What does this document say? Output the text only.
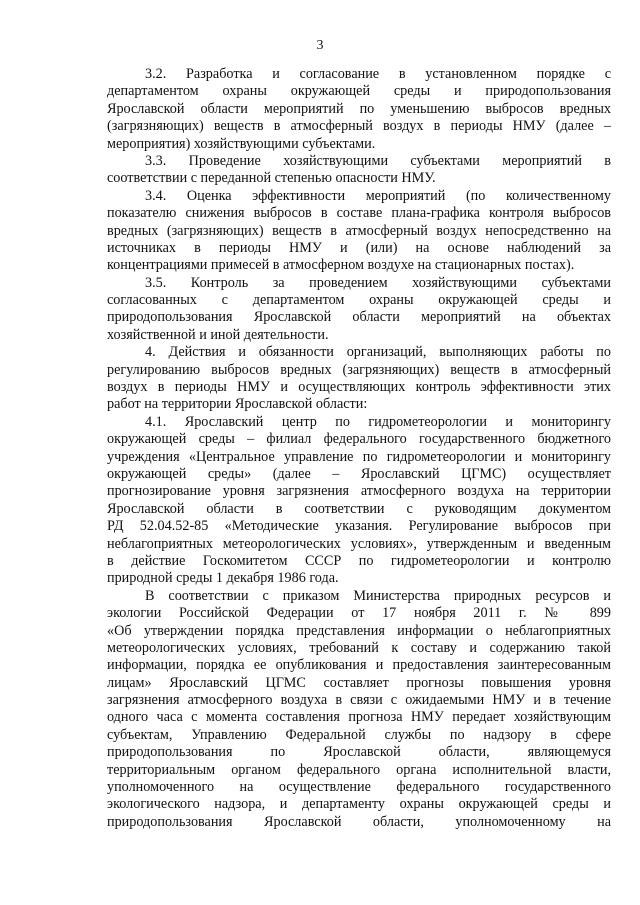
3
3.2. Разработка и согласование в установленном порядке с
департаментом охраны окружающей среды и природопользования
Ярославской области мероприятий по уменьшению выбросов вредных
(загрязняющих) веществ в атмосферный воздух в периоды НМУ (далее –
мероприятия) хозяйствующими субъектами.
3.3. Проведение хозяйствующими субъектами мероприятий в
соответствии с переданной степенью опасности НМУ.
3.4. Оценка эффективности мероприятий (по количественному
показателю снижения выбросов в составе плана-графика контроля выбросов
вредных (загрязняющих) веществ в атмосферный воздух непосредственно на
источниках в периоды НМУ и (или) на основе наблюдений за
концентрациями примесей в атмосферном воздухе на стационарных постах).
3.5. Контроль за проведением хозяйствующими субъектами
согласованных с департаментом охраны окружающей среды и
природопользования Ярославской области мероприятий на объектах
хозяйственной и иной деятельности.
4. Действия и обязанности организаций, выполняющих работы по
регулированию выбросов вредных (загрязняющих) веществ в атмосферный
воздух в периоды НМУ и осуществляющих контроль эффективности этих
работ на территории Ярославской области:
4.1. Ярославский центр по гидрометеорологии и мониторингу
окружающей среды – филиал федерального государственного бюджетного
учреждения «Центральное управление по гидрометеорологии и мониторингу
окружающей среды» (далее – Ярославский ЦГМС) осуществляет
прогнозирование уровня загрязнения атмосферного воздуха на территории
Ярославской области в соответствии с руководящим документом
РД 52.04.52-85 «Методические указания. Регулирование выбросов при
неблагоприятных метеорологических условиях», утвержденным и введенным
в действие Госкомитетом СССР по гидрометеорологии и контролю
природной среды 1 декабря 1986 года.
В соответствии с приказом Министерства природных ресурсов и
экологии Российской Федерации от 17 ноября 2011 г. № 899
«Об утверждении порядка представления информации о неблагоприятных
метеорологических условиях, требований к составу и содержанию такой
информации, порядка ее опубликования и предоставления заинтересованным
лицам» Ярославский ЦГМС составляет прогнозы повышения уровня
загрязнения атмосферного воздуха в связи с ожидаемыми НМУ и в течение
одного часа с момента составления прогноза НМУ передает хозяйствующим
субъектам, Управлению Федеральной службы по надзору в сфере
природопользования по Ярославской области, являющемуся
территориальным органом федерального органа исполнительной власти,
уполномоченного на осуществление федерального государственного
экологического надзора, и департаменту охраны окружающей среды и
природопользования Ярославской области, уполномоченному на
